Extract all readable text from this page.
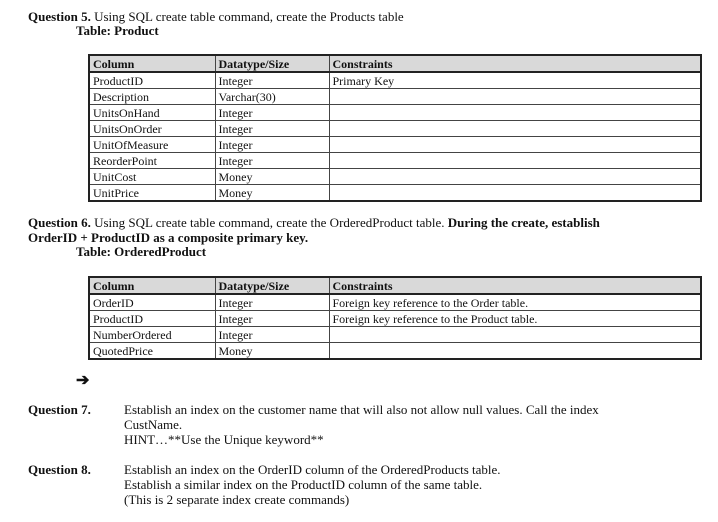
Question 5. Using SQL create table command, create the Products table
Table: Product
Column	Datatype/Size	Constraints
ProductID	Integer	Primary Key
Description	Varchar(30)	
UnitsOnHand	Integer	
UnitsOnOrder	Integer	
UnitOfMeasure	Integer	
ReorderPoint	Integer	
UnitCost	Money	
UnitPrice	Money	
Question 6. Using SQL create table command, create the OrderedProduct table. During the create, establish
OrderID + ProductID as a composite primary key.
Table: OrderedProduct
Column	Datatype/Size	Constraints
OrderID	Integer	Foreign key reference to the Order table.
ProductID	Integer	Foreign key reference to the Product table.
NumberOrdered	Integer	
QuotedPrice	Money	
➔
Question 7.	Establish an index on the customer name that will also not allow null values. Call the index
CustName.
HINT…**Use the Unique keyword**
Question 8.	Establish an index on the OrderID column of the OrderedProducts table.
Establish a similar index on the ProductID column of the same table.
(This is 2 separate index create commands)
